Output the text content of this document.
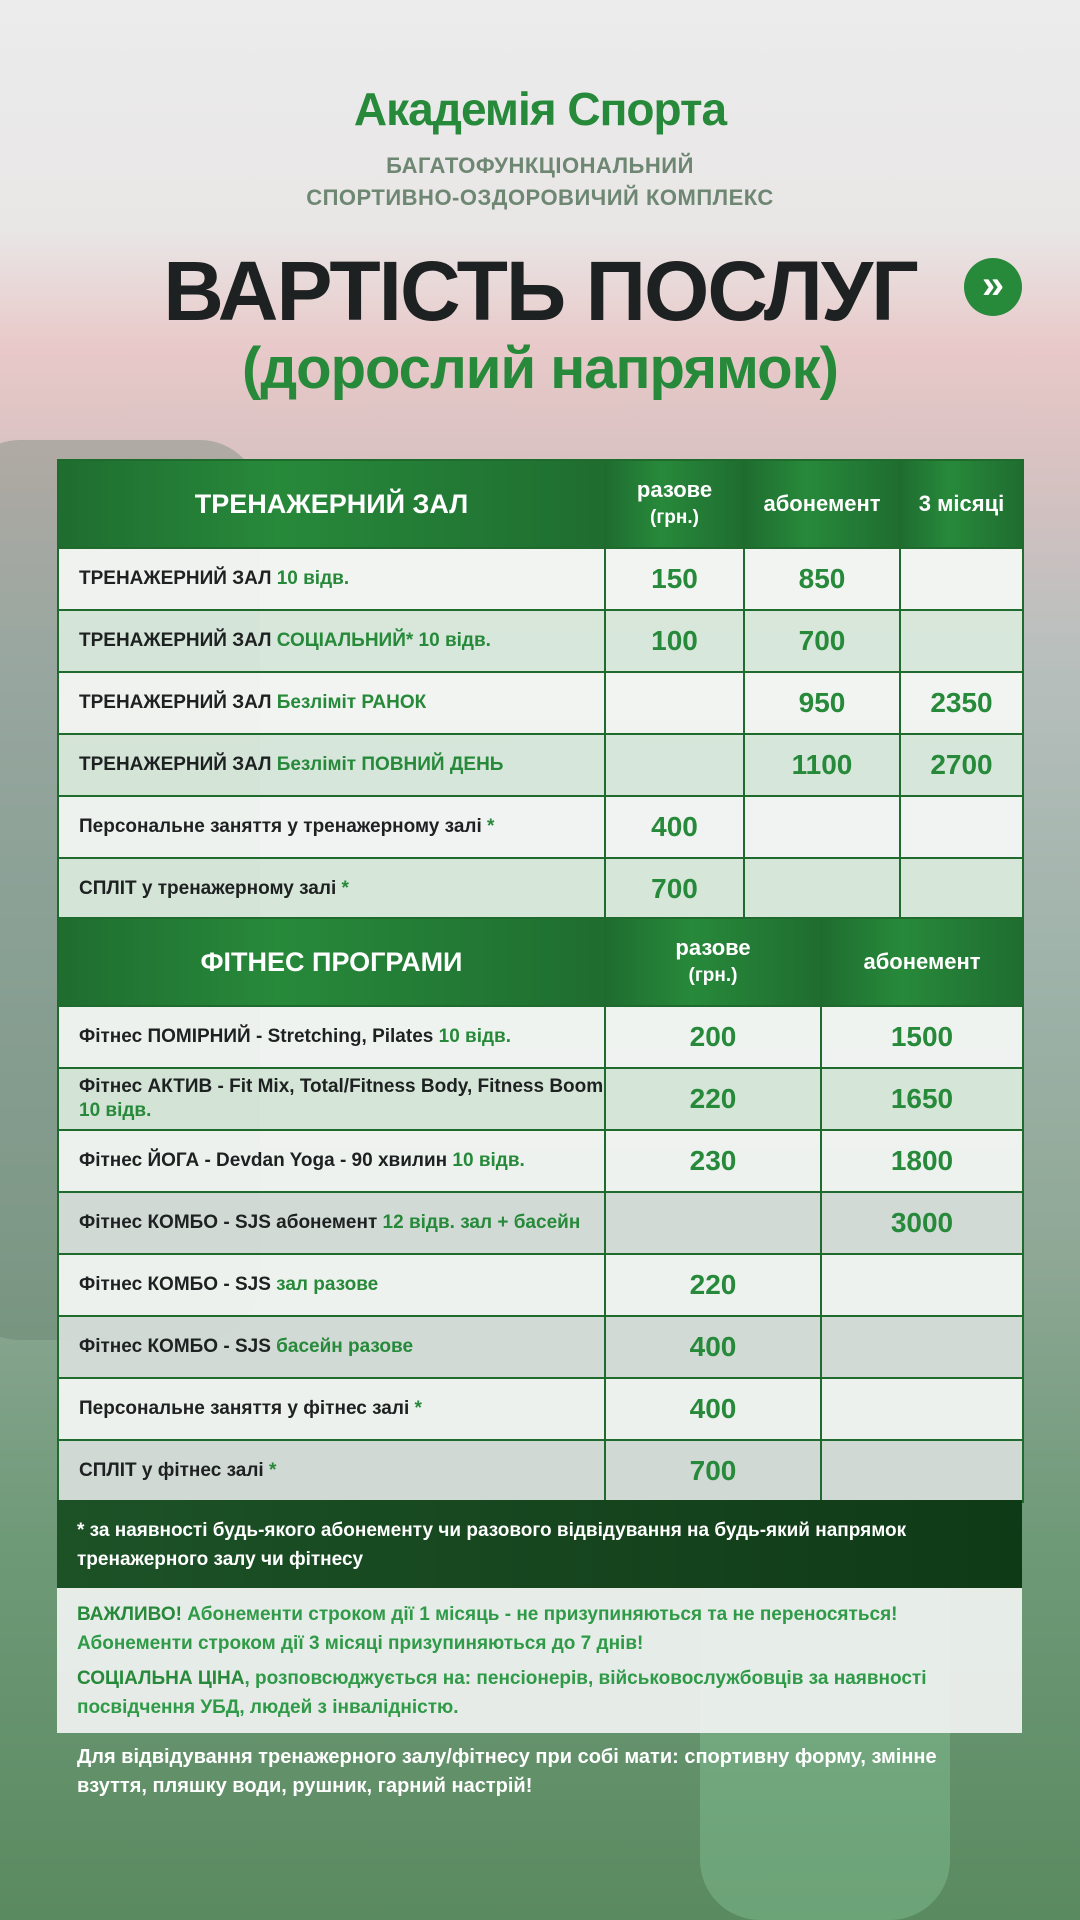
Академія Спорта
БАГАТОФУНКЦІОНАЛЬНИЙ
СПОРТИВНО-ОЗДОРОВИЧИЙ КОМПЛЕКС
ВАРТІСТЬ ПОСЛУГ
(дорослий напрямок)
»
ТРЕНАЖЕРНИЙ ЗАЛ	разове
(грн.)	абонемент	3 місяці
ТРЕНАЖЕРНИЙ ЗАЛ 10 відв.	150	850	
ТРЕНАЖЕРНИЙ ЗАЛ СОЦІАЛЬНИЙ* 10 відв.	100	700	
ТРЕНАЖЕРНИЙ ЗАЛ Безліміт РАНОК		950	2350
ТРЕНАЖЕРНИЙ ЗАЛ Безліміт ПОВНИЙ ДЕНЬ		1100	2700
Персональне заняття у тренажерному залі *	400		
СПЛІТ у тренажерному залі *	700		
ФІТНЕС ПРОГРАМИ	разове
(грн.)	абонемент
Фітнес ПОМІРНИЙ - Stretching, Pilates 10 відв.	200	1500
Фітнес АКТИВ - Fit Mix, Total/Fitness Body, Fitness Boom 10 відв.	220	1650
Фітнес ЙОГА - Devdan Yoga - 90 хвилин 10 відв.	230	1800
Фітнес КОМБО - SJS абонемент 12 відв. зал + басейн		3000
Фітнес КОМБО - SJS зал разове	220	
Фітнес КОМБО - SJS басейн разове	400	
Персональне заняття у фітнес залі *	400	
СПЛІТ у фітнес залі *	700	
* за наявності будь-якого абонементу чи разового відвідування на будь-який напрямок тренажерного залу чи фітнесу
ВАЖЛИВО! Абонементи строком дії 1 місяць - не призупиняються та не переносяться! Абонементи строком дії 3 місяці призупиняються до 7 днів!
СОЦІАЛЬНА ЦІНА, розповсюджується на: пенсіонерів, військовослужбовців за наявності посвідчення УБД, людей з інвалідністю.
Для відвідування тренажерного залу/фітнесу при собі мати: спортивну форму, змінне взуття, пляшку води, рушник, гарний настрій!
